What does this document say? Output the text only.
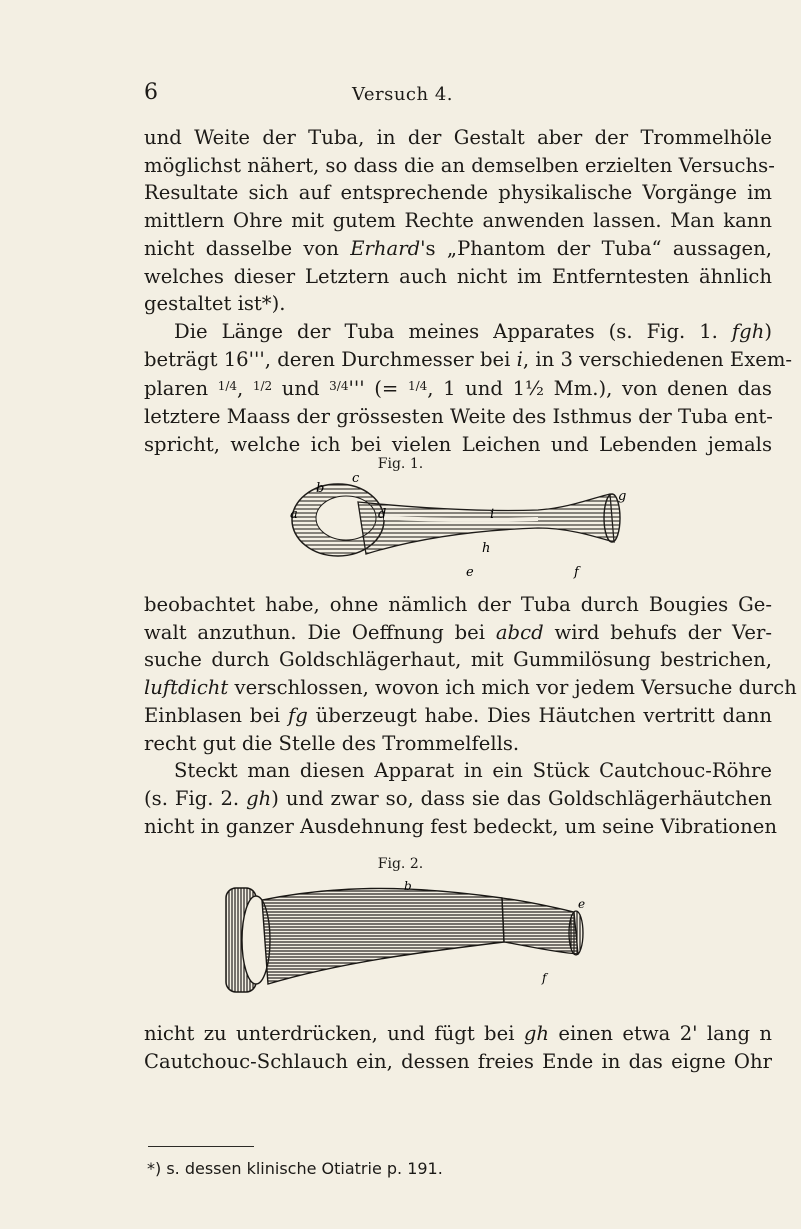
6	Versuch 4.
und Weite der Tuba, in der Gestalt aber der Trommelhöle
möglichst nähert, so dass die an demselben erzielten Versuchs-
Resultate sich auf entsprechende physikalische Vorgänge im
mittlern Ohre mit gutem Rechte anwenden lassen. Man kann
nicht dasselbe von Erhard's „Phantom der Tuba“ aussagen,
welches dieser Letztern auch nicht im Entferntesten ähnlich
gestaltet ist*).
Die Länge der Tuba meines Apparates (s. Fig. 1. fgh)
beträgt 16''', deren Durchmesser bei i, in 3 verschiedenen Exem-
plaren $^{1/4}$, $^{1/2}$ und $^{3/4}$''' (= $^{1/4}$, 1 und 1½ Mm.), von denen das
letztere Maass der grössesten Weite des Isthmus der Tuba ent-
spricht, welche ich bei vielen Leichen und Lebenden jemals
Fig. 1.
b
c
a	d	i
h
e
g
f
beobachtet habe, ohne nämlich der Tuba durch Bougies Ge-
walt anzuthun. Die Oeffnung bei abcd wird behufs der Ver-
suche durch Goldschlägerhaut, mit Gummilösung bestrichen,
luftdicht verschlossen, wovon ich mich vor jedem Versuche durch
Einblasen bei fg überzeugt habe. Dies Häutchen vertritt dann
recht gut die Stelle des Trommelfells.
Steckt man diesen Apparat in ein Stück Cautchouc-Röhre
(s. Fig. 2. gh) und zwar so, dass sie das Goldschlägerhäutchen
nicht in ganzer Ausdehnung fest bedeckt, um seine Vibrationen
Fig. 2.
b
e
f
nicht zu unterdrücken, und fügt bei gh einen etwa 2' lang n
Cautchouc-Schlauch ein, dessen freies Ende in das eigne Ohr
*) s. dessen klinische Otiatrie p. 191.
